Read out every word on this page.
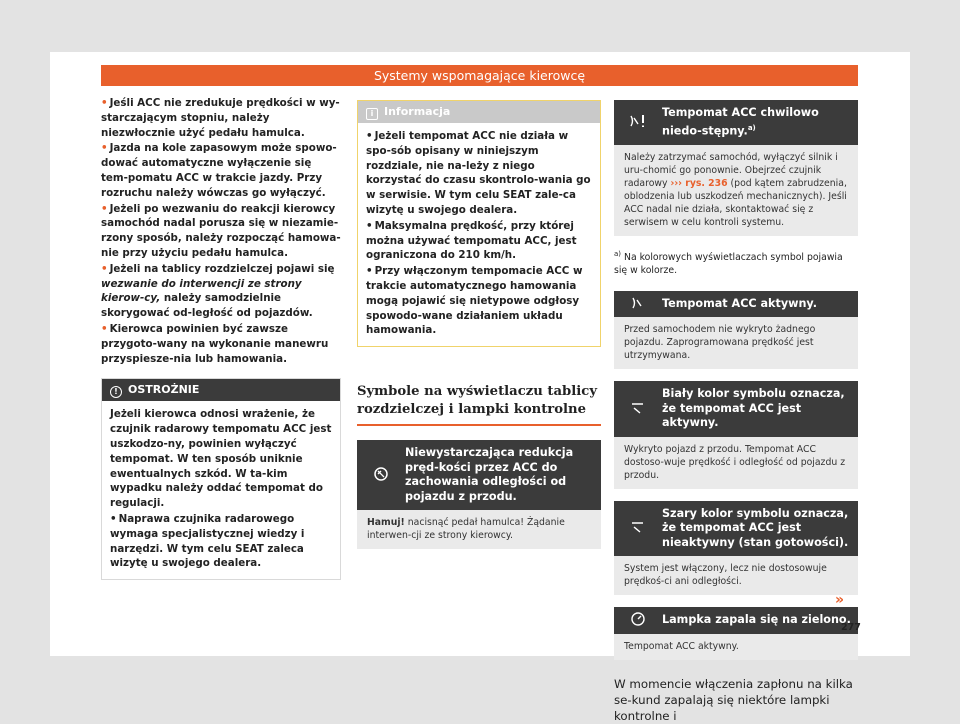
Systemy wspomagające kierowcę

• Jeśli ACC nie zredukuje prędkości w wy-starczającym stopniu, należy niezwłocznie użyć pedału hamulca.

• Jazda na kole zapasowym może spowo-dować automatyczne wyłączenie się tem-pomatu ACC w trakcie jazdy. Przy rozruchu należy wówczas go wyłączyć.

• Jeżeli po wezwaniu do reakcji kierowcy samochód nadal porusza się w niezamie-rzony sposób, należy rozpocząć hamowa-nie przy użyciu pedału hamulca.

• Jeżeli na tablicy rozdzielczej pojawi się wezwanie do interwencji ze strony kierow-cy, należy samodzielnie skorygować od-ległość od pojazdów.

• Kierowca powinien być zawsze przygoto-wany na wykonanie manewru przyspiesze-nia lub hamowania.

! OSTROŻNIE

Jeżeli kierowca odnosi wrażenie, że czujnik radarowy tempomatu ACC jest uszkodzo-ny, powinien wyłączyć tempomat. W ten sposób uniknie ewentualnych szkód. W ta-kim wypadku należy oddać tempomat do regulacji.

• Naprawa czujnika radarowego wymaga specjalistycznej wiedzy i narzędzi. W tym celu SEAT zaleca wizytę u swojego dealera.

i Informacja

• Jeżeli tempomat ACC nie działa w spo-sób opisany w niniejszym rozdziale, nie na-leży z niego korzystać do czasu skontrolo-wania go w serwisie. W tym celu SEAT zale-ca wizytę u swojego dealera.

• Maksymalna prędkość, przy której można używać tempomatu ACC, jest ograniczona do 210 km/h.

• Przy włączonym tempomacie ACC w trakcie automatycznego hamowania mogą pojawić się nietypowe odgłosy spowodo-wane działaniem układu hamowania.

Symbole na wyświetlaczu tablicy rozdzielczej i lampki kontrolne
Niewystarczająca redukcja pręd-kości przez ACC do zachowania odległości od pojazdu z przodu.
Hamuj! nacisnąć pedał hamulca! Żądanie interwen-cji ze strony kierowcy.
Tempomat ACC chwilowo niedo-stępny.$^{a)}$
Należy zatrzymać samochód, wyłączyć silnik i uru-chomić go ponownie. Obejrzeć czujnik radarowy ››› rys. 236 (pod kątem zabrudzenia, oblodzenia lub uszkodzeń mechanicznych). Jeśli ACC nadal nie działa, skontaktować się z serwisem w celu kontroli systemu.

$^{a)}$ Na kolorowych wyświetlaczach symbol pojawia się w kolorze.

Tempomat ACC aktywny.
Przed samochodem nie wykryto żadnego pojazdu. Zaprogramowana prędkość jest utrzymywana.
Biały kolor symbolu oznacza, że tempomat ACC jest aktywny.
Wykryto pojazd z przodu. Tempomat ACC dostoso-wuje prędkość i odległość od pojazdu z przodu.
Szary kolor symbolu oznacza, że tempomat ACC jest nieaktywny (stan gotowości).
System jest włączony, lecz nie dostosowuje prędkoś-ci ani odległości.
Lampka zapala się na zielono.
Tempomat ACC aktywny.

W momencie włączenia zapłonu na kilka se-kund zapalają się niektóre lampki kontrolne i

»
277
